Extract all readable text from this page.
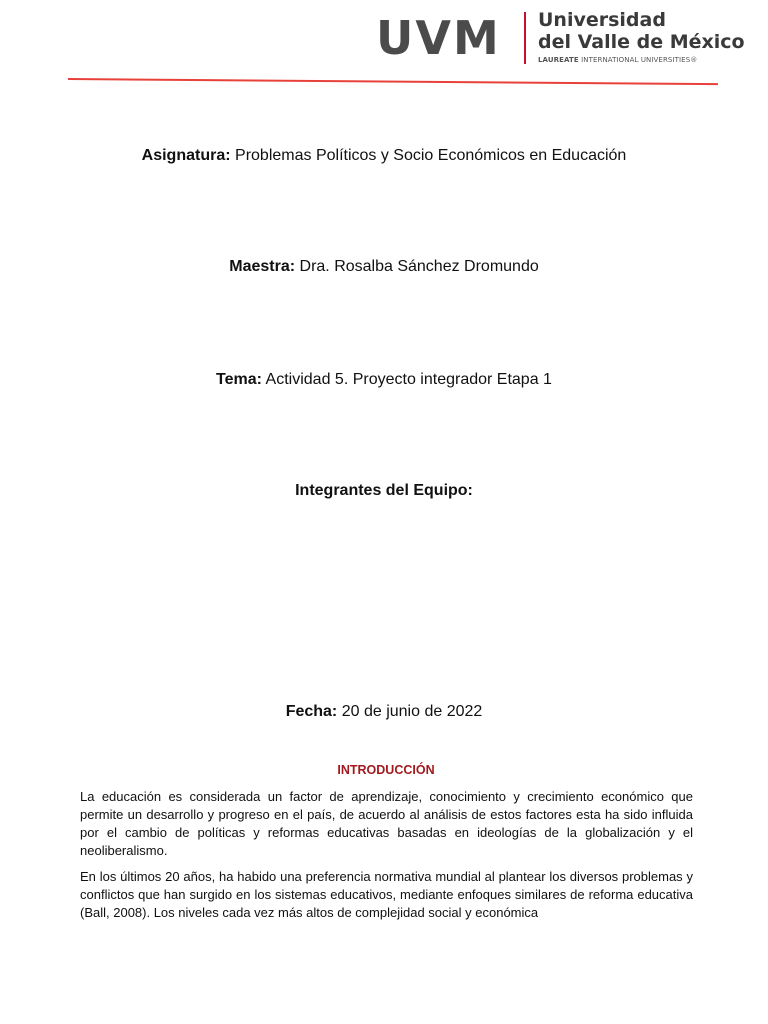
UVM Universidad
del Valle de México
LAUREATE INTERNATIONAL UNIVERSITIES®
Asignatura: Problemas Políticos y Socio Económicos en Educación
Maestra: Dra. Rosalba Sánchez Dromundo
Tema: Actividad 5. Proyecto integrador Etapa 1
Integrantes del Equipo:
Fecha: 20 de junio de 2022
INTRODUCCIÓN

La educación es considerada un factor de aprendizaje, conocimiento y crecimiento económico que permite un desarrollo y progreso en el país, de acuerdo al análisis de estos factores esta ha sido influida por el cambio de políticas y reformas educativas basadas en ideologías de la globalización y el neoliberalismo.

En los últimos 20 años, ha habido una preferencia normativa mundial al plantear los diversos problemas y conflictos que han surgido en los sistemas educativos, mediante enfoques similares de reforma educativa (Ball, 2008). Los niveles cada vez más altos de complejidad social y económica
